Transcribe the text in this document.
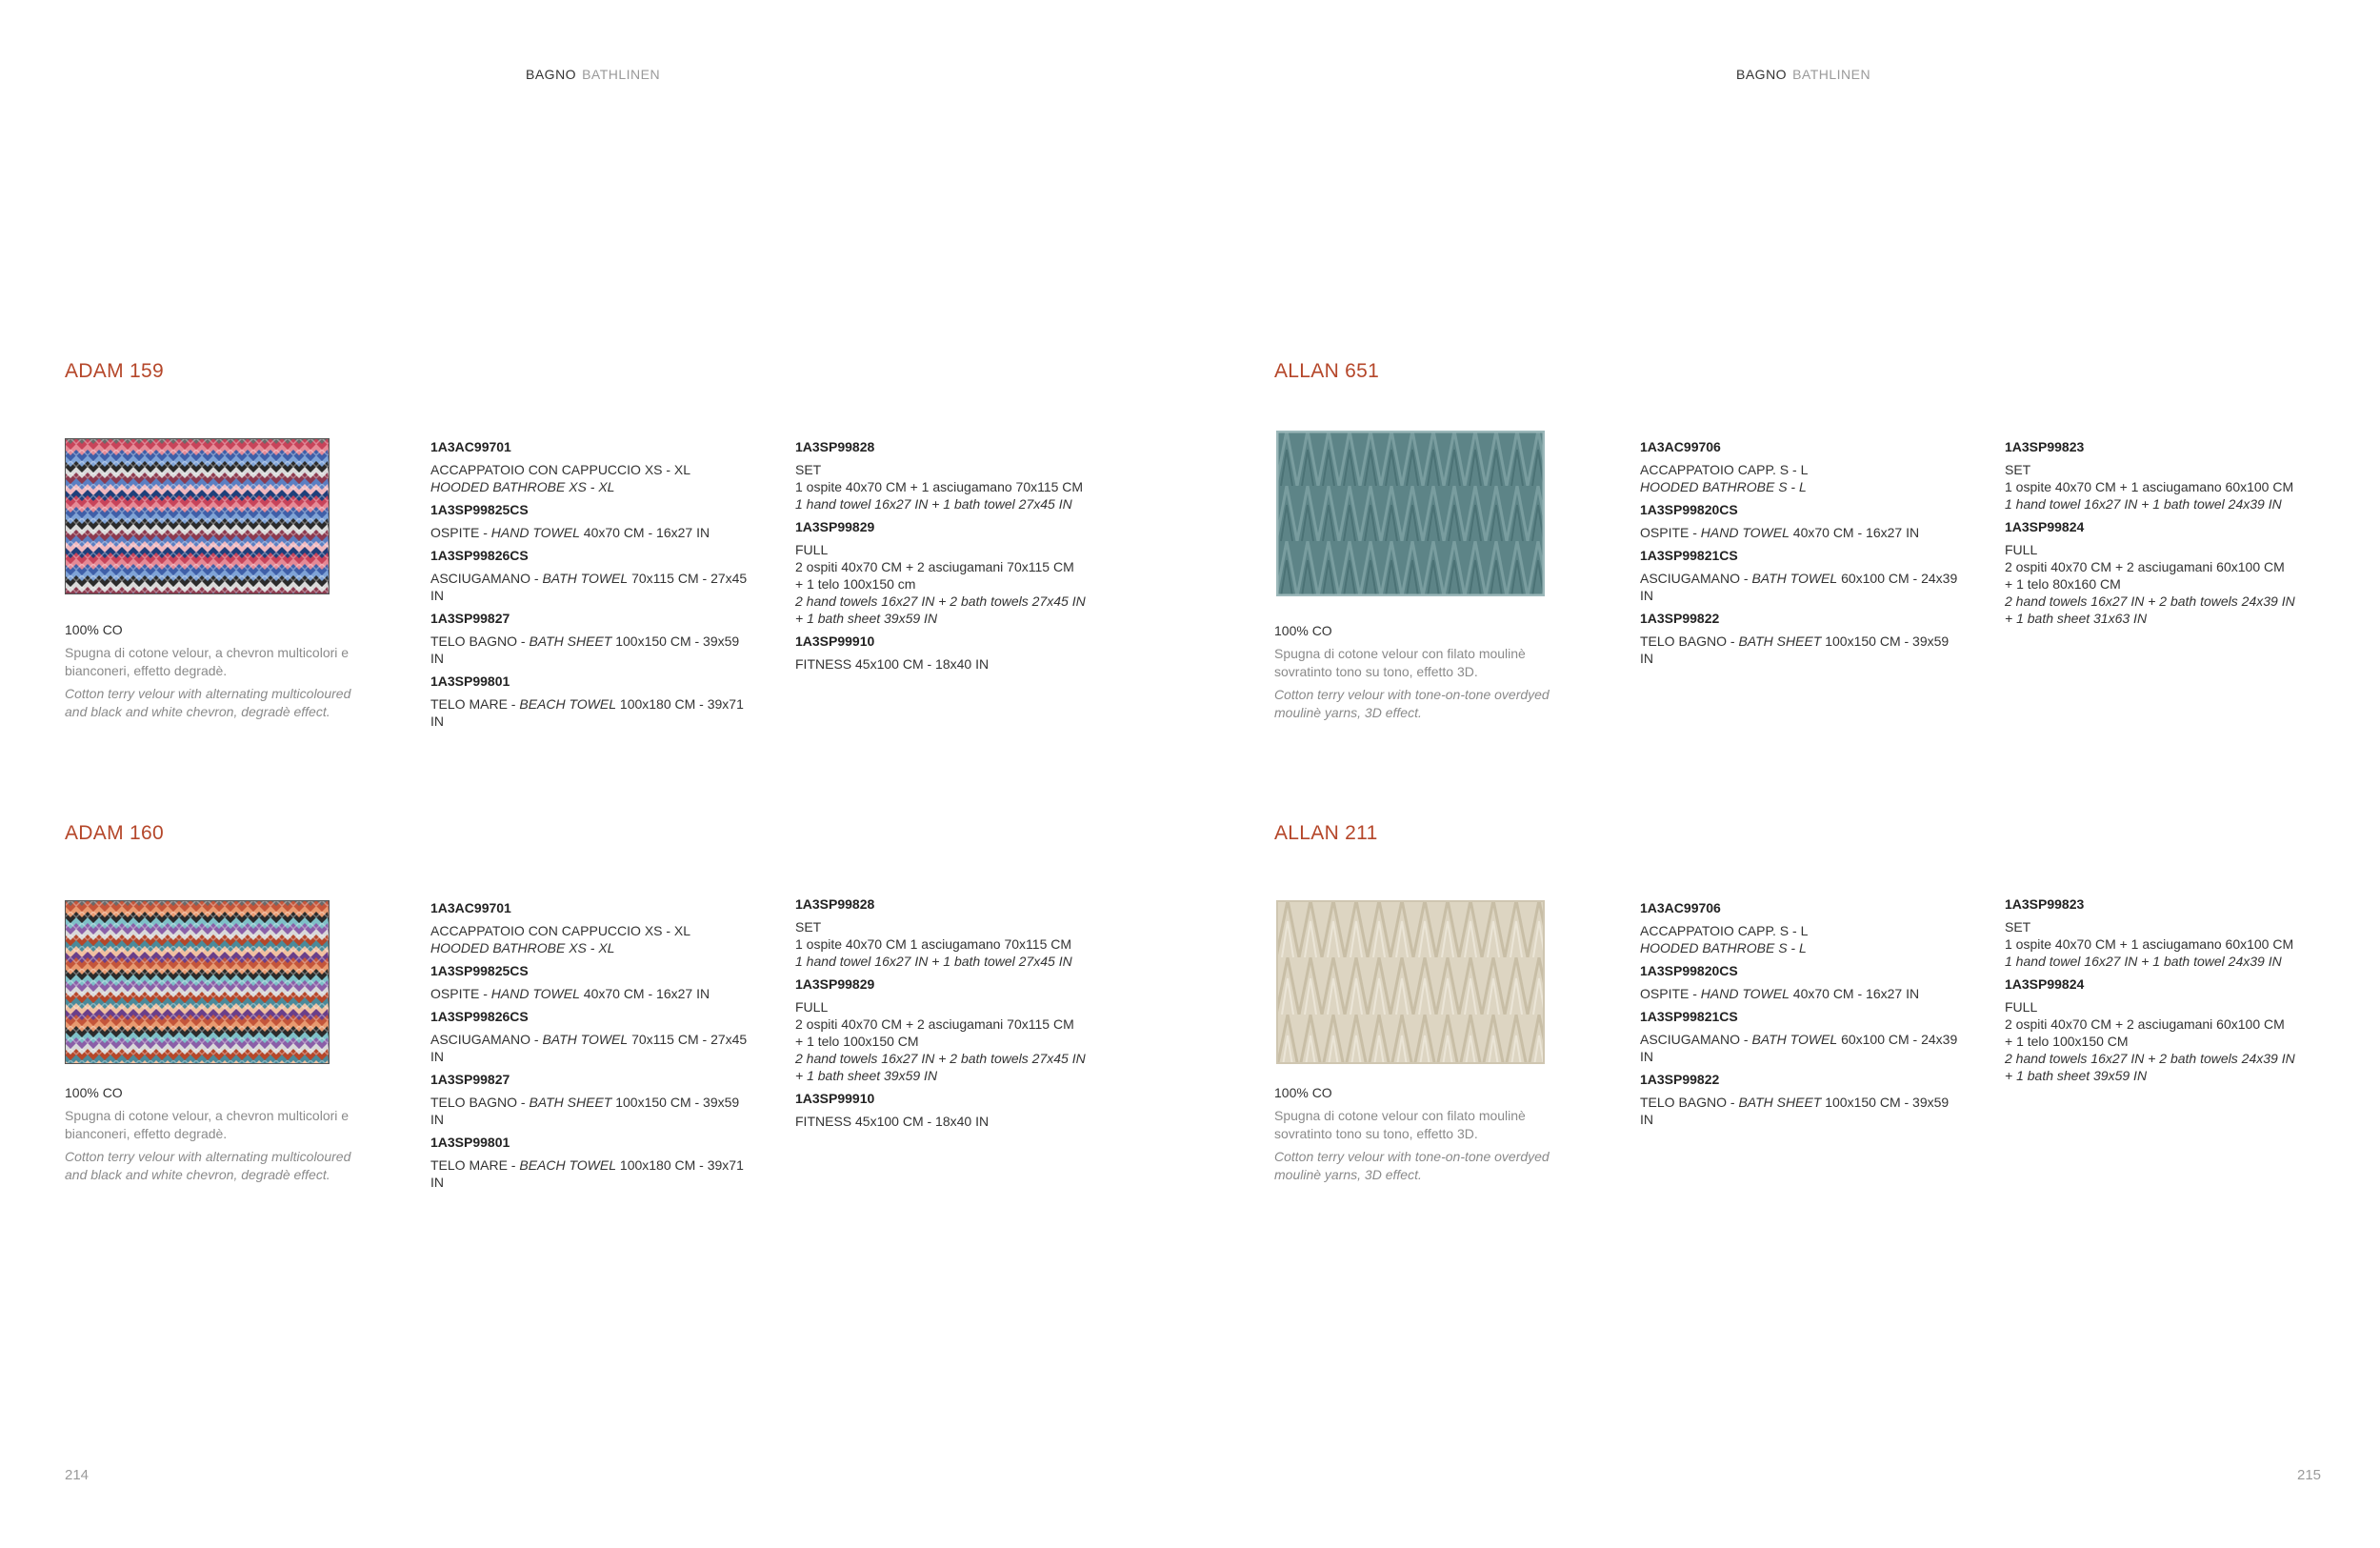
BAGNO BATHLINEN	BAGNO BATHLINEN
ADAM 159
100% CO
Spugna di cotone velour, a chevron multicolori e bianconeri, effetto degradè.
Cotton terry velour with alternating multicoloured and black and white chevron, degradè effect.
1A3AC99701
ACCAPPATOIO CON CAPPUCCIO XS - XL
HOODED BATHROBE XS - XL
1A3SP99825CS
OSPITE - HAND TOWEL 40x70 CM - 16x27 IN
1A3SP99826CS
ASCIUGAMANO - BATH TOWEL 70x115 CM - 27x45 IN
1A3SP99827
TELO BAGNO - BATH SHEET 100x150 CM - 39x59 IN
1A3SP99801
TELO MARE - BEACH TOWEL 100x180 CM - 39x71 IN
1A3SP99828
SET
1 ospite 40x70 CM + 1 asciugamano 70x115 CM
1 hand towel 16x27 IN + 1 bath towel 27x45 IN
1A3SP99829
FULL
2 ospiti 40x70 CM + 2 asciugamani 70x115 CM
+ 1 telo 100x150 cm
2 hand towels 16x27 IN + 2 bath towels 27x45 IN
+ 1 bath sheet 39x59 IN
1A3SP99910
FITNESS 45x100 CM - 18x40 IN
ADAM 160
100% CO
Spugna di cotone velour, a chevron multicolori e bianconeri, effetto degradè.
Cotton terry velour with alternating multicoloured and black and white chevron, degradè effect.
1A3AC99701
ACCAPPATOIO CON CAPPUCCIO XS - XL
HOODED BATHROBE XS - XL
1A3SP99825CS
OSPITE - HAND TOWEL 40x70 CM - 16x27 IN
1A3SP99826CS
ASCIUGAMANO - BATH TOWEL 70x115 CM - 27x45 IN
1A3SP99827
TELO BAGNO - BATH SHEET 100x150 CM - 39x59 IN
1A3SP99801
TELO MARE - BEACH TOWEL 100x180 CM - 39x71 IN
1A3SP99828
SET
1 ospite 40x70 CM 1 asciugamano 70x115 CM
1 hand towel 16x27 IN + 1 bath towel 27x45 IN
1A3SP99829
FULL
2 ospiti 40x70 CM + 2 asciugamani 70x115 CM
+ 1 telo 100x150 CM
2 hand towels 16x27 IN + 2 bath towels 27x45 IN
+ 1 bath sheet 39x59 IN
1A3SP99910
FITNESS 45x100 CM - 18x40 IN
ALLAN 651
100% CO
Spugna di cotone velour con filato moulinè sovratinto tono su tono, effetto 3D.
Cotton terry velour with tone-on-tone overdyed moulinè yarns, 3D effect.
1A3AC99706
ACCAPPATOIO CAPP. S - L
HOODED BATHROBE S - L
1A3SP99820CS
OSPITE - HAND TOWEL 40x70 CM - 16x27 IN
1A3SP99821CS
ASCIUGAMANO - BATH TOWEL 60x100 CM - 24x39 IN
1A3SP99822
TELO BAGNO - BATH SHEET 100x150 CM - 39x59 IN
1A3SP99823
SET
1 ospite 40x70 CM + 1 asciugamano 60x100 CM
1 hand towel 16x27 IN + 1 bath towel 24x39 IN
1A3SP99824
FULL
2 ospiti 40x70 CM + 2 asciugamani 60x100 CM
+ 1 telo 80x160 CM
2 hand towels 16x27 IN + 2 bath towels 24x39 IN
+ 1 bath sheet 31x63 IN
ALLAN 211
100% CO
Spugna di cotone velour con filato moulinè sovratinto tono su tono, effetto 3D.
Cotton terry velour with tone-on-tone overdyed moulinè yarns, 3D effect.
1A3AC99706
ACCAPPATOIO CAPP. S - L
HOODED BATHROBE S - L
1A3SP99820CS
OSPITE - HAND TOWEL 40x70 CM - 16x27 IN
1A3SP99821CS
ASCIUGAMANO - BATH TOWEL 60x100 CM - 24x39 IN
1A3SP99822
TELO BAGNO - BATH SHEET 100x150 CM - 39x59 IN
1A3SP99823
SET
1 ospite 40x70 CM + 1 asciugamano 60x100 CM
1 hand towel 16x27 IN + 1 bath towel 24x39 IN
1A3SP99824
FULL
2 ospiti 40x70 CM + 2 asciugamani 60x100 CM
+ 1 telo 100x150 CM
2 hand towels 16x27 IN + 2 bath towels 24x39 IN
+ 1 bath sheet 39x59 IN
214	215
